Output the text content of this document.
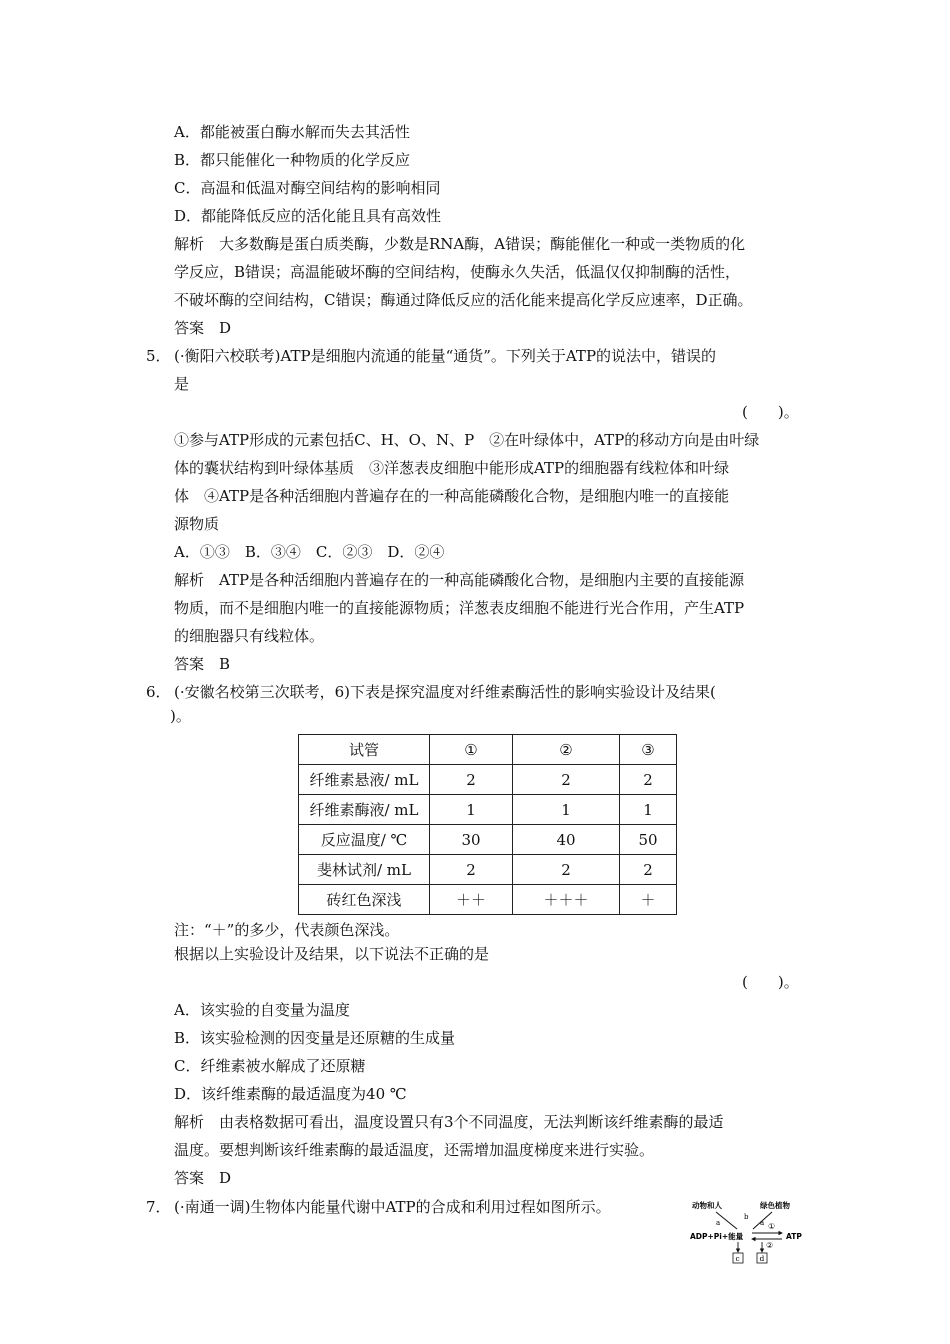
A．都能被蛋白酶水解而失去其活性
B．都只能催化一种物质的化学反应
C．高温和低温对酶空间结构的影响相同
D．都能降低反应的活化能且具有高效性
解析　大多数酶是蛋白质类酶，少数是RNA酶，A错误；酶能催化一种或一类物质的化
学反应，B错误；高温能破坏酶的空间结构，使酶永久失活，低温仅仅抑制酶的活性，
不破坏酶的空间结构，C错误；酶通过降低反应的活化能来提高化学反应速率，D正确。
答案　D
5． (·衡阳六校联考)ATP是细胞内流通的能量“通货”。下列关于ATP的说法中，错误的
是
(　　)。
①参与ATP形成的元素包括C、H、O、N、P　②在叶绿体中，ATP的移动方向是由叶绿
体的囊状结构到叶绿体基质　③洋葱表皮细胞中能形成ATP的细胞器有线粒体和叶绿
体　④ATP是各种活细胞内普遍存在的一种高能磷酸化合物，是细胞内唯一的直接能
源物质
A．①③　B．③④　C．②③　D．②④
解析　ATP是各种活细胞内普遍存在的一种高能磷酸化合物，是细胞内主要的直接能源
物质，而不是细胞内唯一的直接能源物质；洋葱表皮细胞不能进行光合作用，产生ATP
的细胞器只有线粒体。
答案　B
6． (·安徽名校第三次联考，6)下表是探究温度对纤维素酶活性的影响实验设计及结果(
)。
试管	①	②	③
纤维素悬液/ mL	2	2	2
纤维素酶液/ mL	1	1	1
反应温度/ ℃	30	40	50
斐林试剂/ mL	2	2	2
砖红色深浅	＋＋	＋＋＋	＋
注：“＋”的多少，代表颜色深浅。
根据以上实验设计及结果，以下说法不正确的是
(　　)。
A．该实验的自变量为温度
B．该实验检测的因变量是还原糖的生成量
C．纤维素被水解成了还原糖
D．该纤维素酶的最适温度为40 ℃
解析　由表格数据可看出，温度设置只有3个不同温度，无法判断该纤维素酶的最适
温度。要想判断该纤维素酶的最适温度，还需增加温度梯度来进行实验。
答案　D
7． (·南通一调)生物体内能量代谢中ATP的合成和利用过程如图所示。	动物和人	绿色植物
a
b
a ①
ADP+Pi+能量	ATP
②
c	d
